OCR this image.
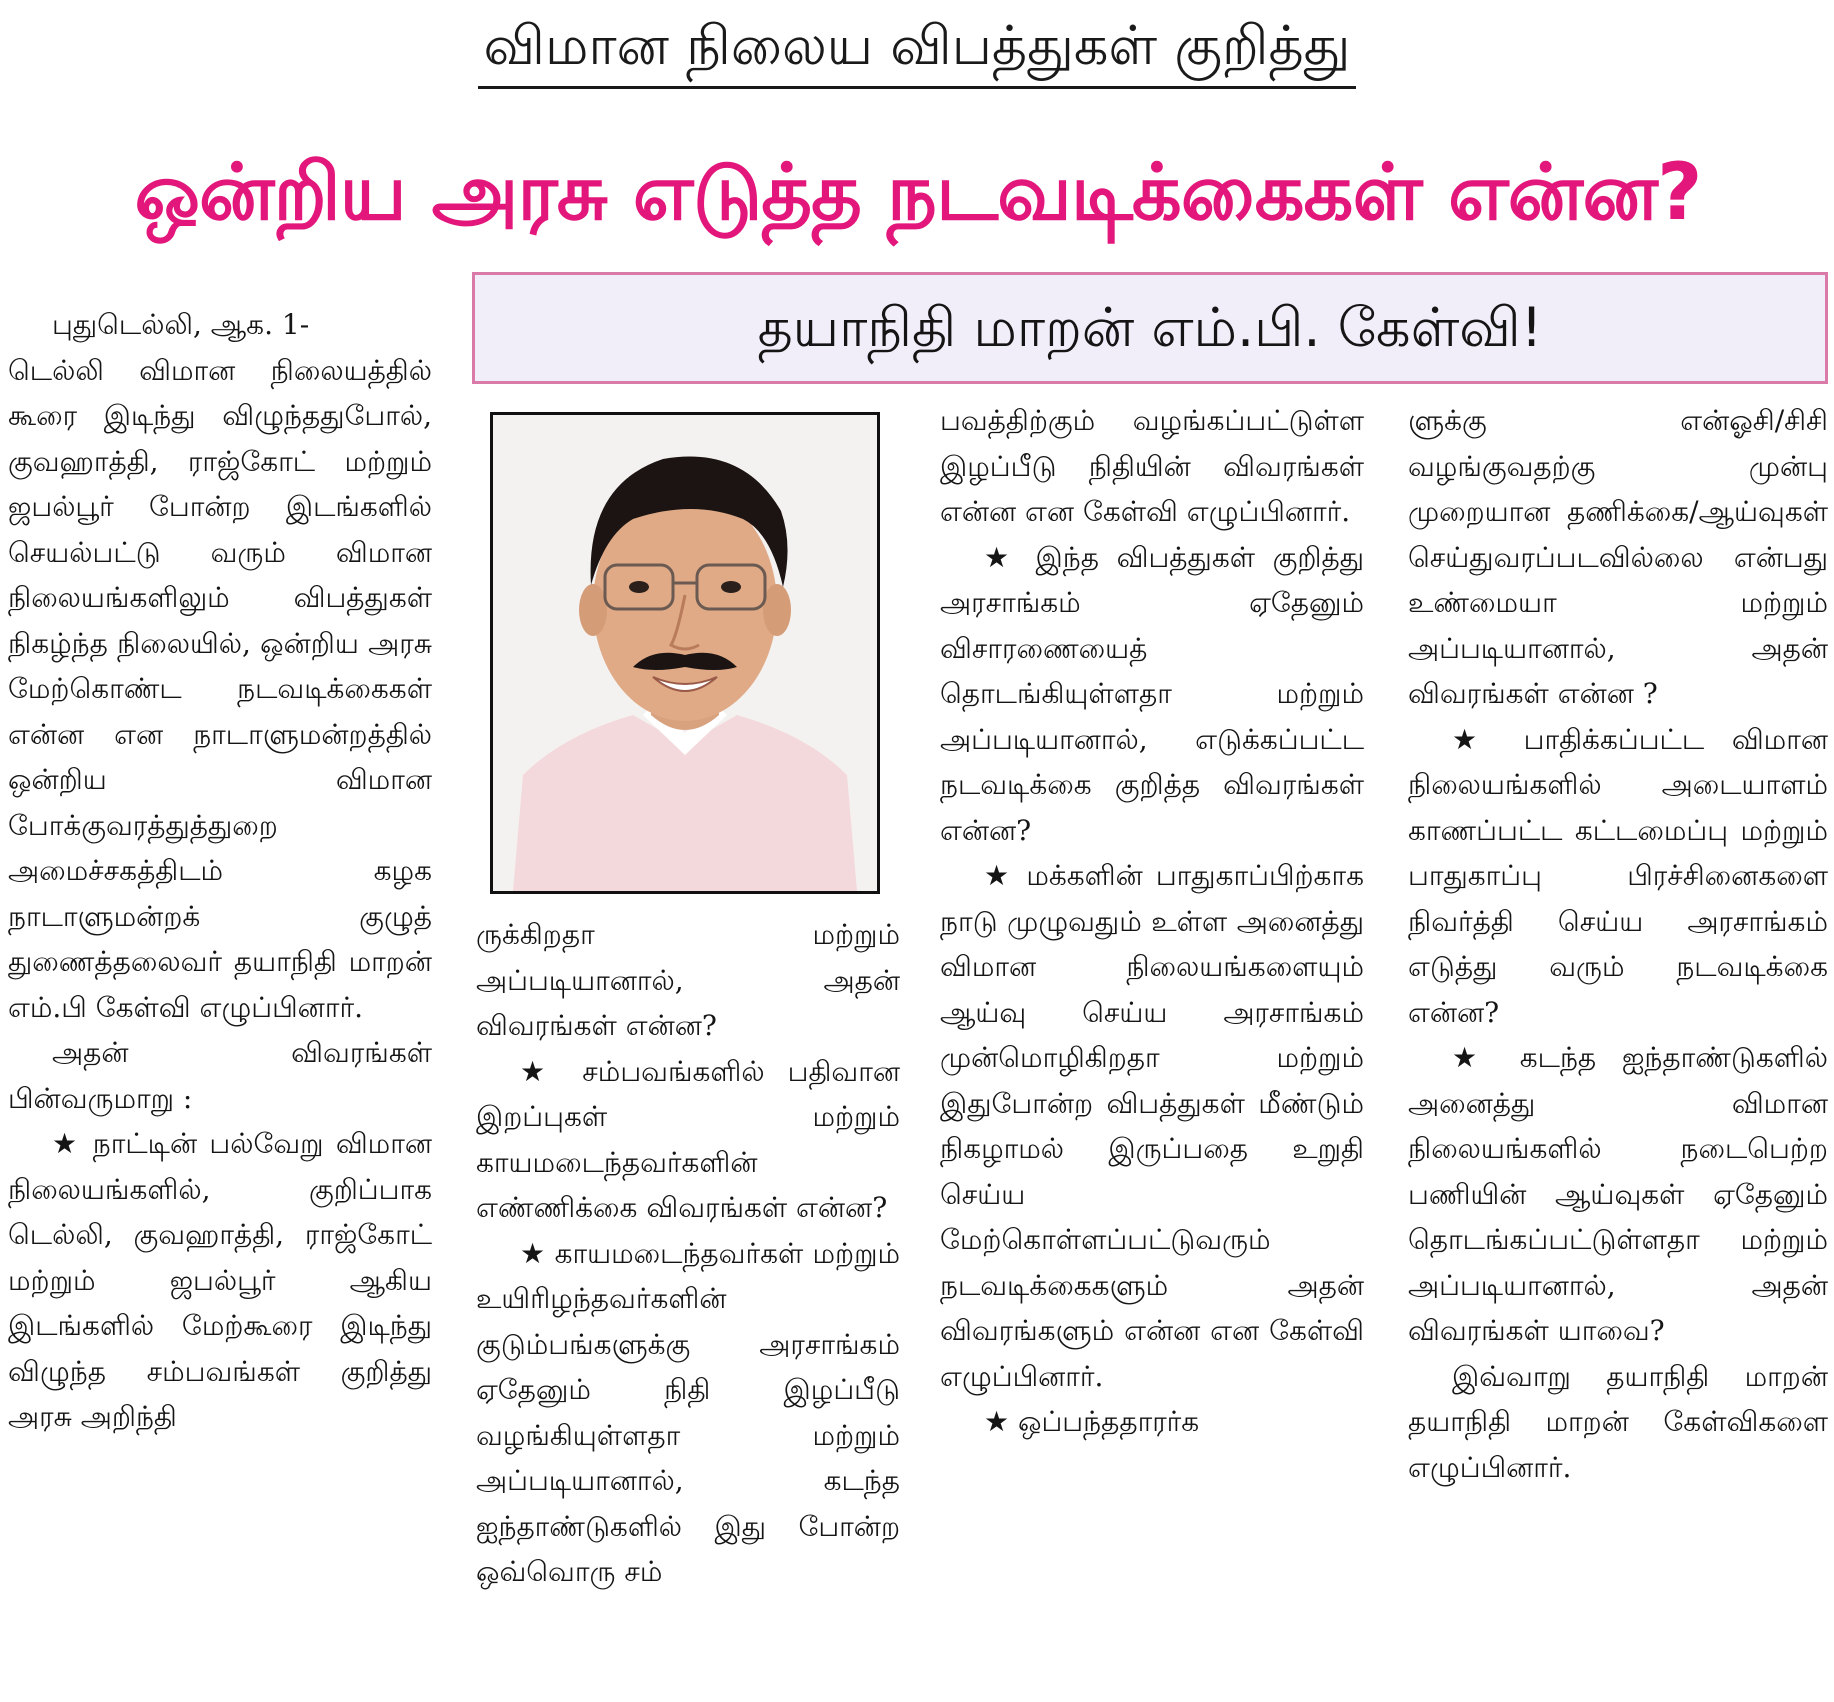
விமான நிலைய விபத்துகள் குறித்து
ஒன்றிய அரசு எடுத்த நடவடிக்கைகள் என்ன?
தயாநிதி மாறன் எம்.பி. கேள்வி!

புதுடெல்லி, ஆக. 1-

டெல்லி விமான நிலையத்தில் கூரை இடிந்து விழுந்ததுபோல், குவஹாத்தி, ராஜ்கோட் மற்றும் ஜபல்பூர் போன்ற இடங்களில் செயல்பட்டு வரும் விமான நிலையங்களிலும் விபத்துகள் நிகழ்ந்த நிலையில், ஒன்றிய அரசு மேற்கொண்ட நடவடிக்கைகள் என்ன என நாடாளுமன்றத்தில் ஒன்றிய விமான போக்குவரத்துத்துறை அமைச்சகத்திடம் கழக நாடாளுமன்றக் குழுத் துணைத்தலைவர் தயாநிதி மாறன் எம்.பி கேள்வி எழுப்பினார்.

அதன் விவரங்கள் பின்வருமாறு :

★ நாட்டின் பல்வேறு விமான நிலையங்களில், குறிப்பாக டெல்லி, குவஹாத்தி, ராஜ்கோட் மற்றும் ஜபல்பூர் ஆகிய இடங்களில் மேற்கூரை இடிந்து விழுந்த சம்பவங்கள் குறித்து அரசு அறிந்தி

ருக்கிறதா மற்றும் அப்படியானால், அதன் விவரங்கள் என்ன?

★ சம்பவங்களில் பதிவான இறப்புகள் மற்றும் காயமடைந்தவர்களின் எண்ணிக்கை விவரங்கள் என்ன?

★ காயமடைந்தவர்கள் மற்றும் உயிரிழந்தவர்களின் குடும்பங்களுக்கு அரசாங்கம் ஏதேனும் நிதி இழப்பீடு வழங்கியுள்ளதா மற்றும் அப்படியானால், கடந்த ஐந்தாண்டுகளில் இது போன்ற ஒவ்வொரு சம்

பவத்திற்கும் வழங்கப்பட்டுள்ள இழப்பீடு நிதியின் விவரங்கள் என்ன என கேள்வி எழுப்பினார்.

★ இந்த விபத்துகள் குறித்து அரசாங்கம் ஏதேனும் விசாரணையைத் தொடங்கியுள்ளதா மற்றும் அப்படியானால், எடுக்கப்பட்ட நடவடிக்கை குறித்த விவரங்கள் என்ன?

★ மக்களின் பாதுகாப்பிற்காக நாடு முழுவதும் உள்ள அனைத்து விமான நிலையங்களையும் ஆய்வு செய்ய அரசாங்கம் முன்மொழிகிறதா மற்றும் இதுபோன்ற விபத்துகள் மீண்டும் நிகழாமல் இருப்பதை உறுதி செய்ய மேற்கொள்ளப்பட்டுவரும் நடவடிக்கைகளும் அதன் விவரங்களும் என்ன என கேள்வி எழுப்பினார்.

★ ஒப்பந்ததாரர்க

ளுக்கு என்ஓசி/சிசி வழங்குவதற்கு முன்பு முறையான தணிக்கை/ஆய்வுகள் செய்துவரப்படவில்லை என்பது உண்மையா மற்றும் அப்படியானால், அதன் விவரங்கள் என்ன ?

★ பாதிக்கப்பட்ட விமான நிலையங்களில் அடையாளம் காணப்பட்ட கட்டமைப்பு மற்றும் பாதுகாப்பு பிரச்சினைகளை நிவர்த்தி செய்ய அரசாங்கம் எடுத்து வரும் நடவடிக்கை என்ன?

★ கடந்த ஐந்தாண்டுகளில் அனைத்து விமான நிலையங்களில் நடைபெற்ற பணியின் ஆய்வுகள் ஏதேனும் தொடங்கப்பட்டுள்ளதா மற்றும் அப்படியானால், அதன் விவரங்கள் யாவை?

இவ்வாறு தயாநிதி மாறன் தயாநிதி மாறன் கேள்விகளை எழுப்பினார்.
